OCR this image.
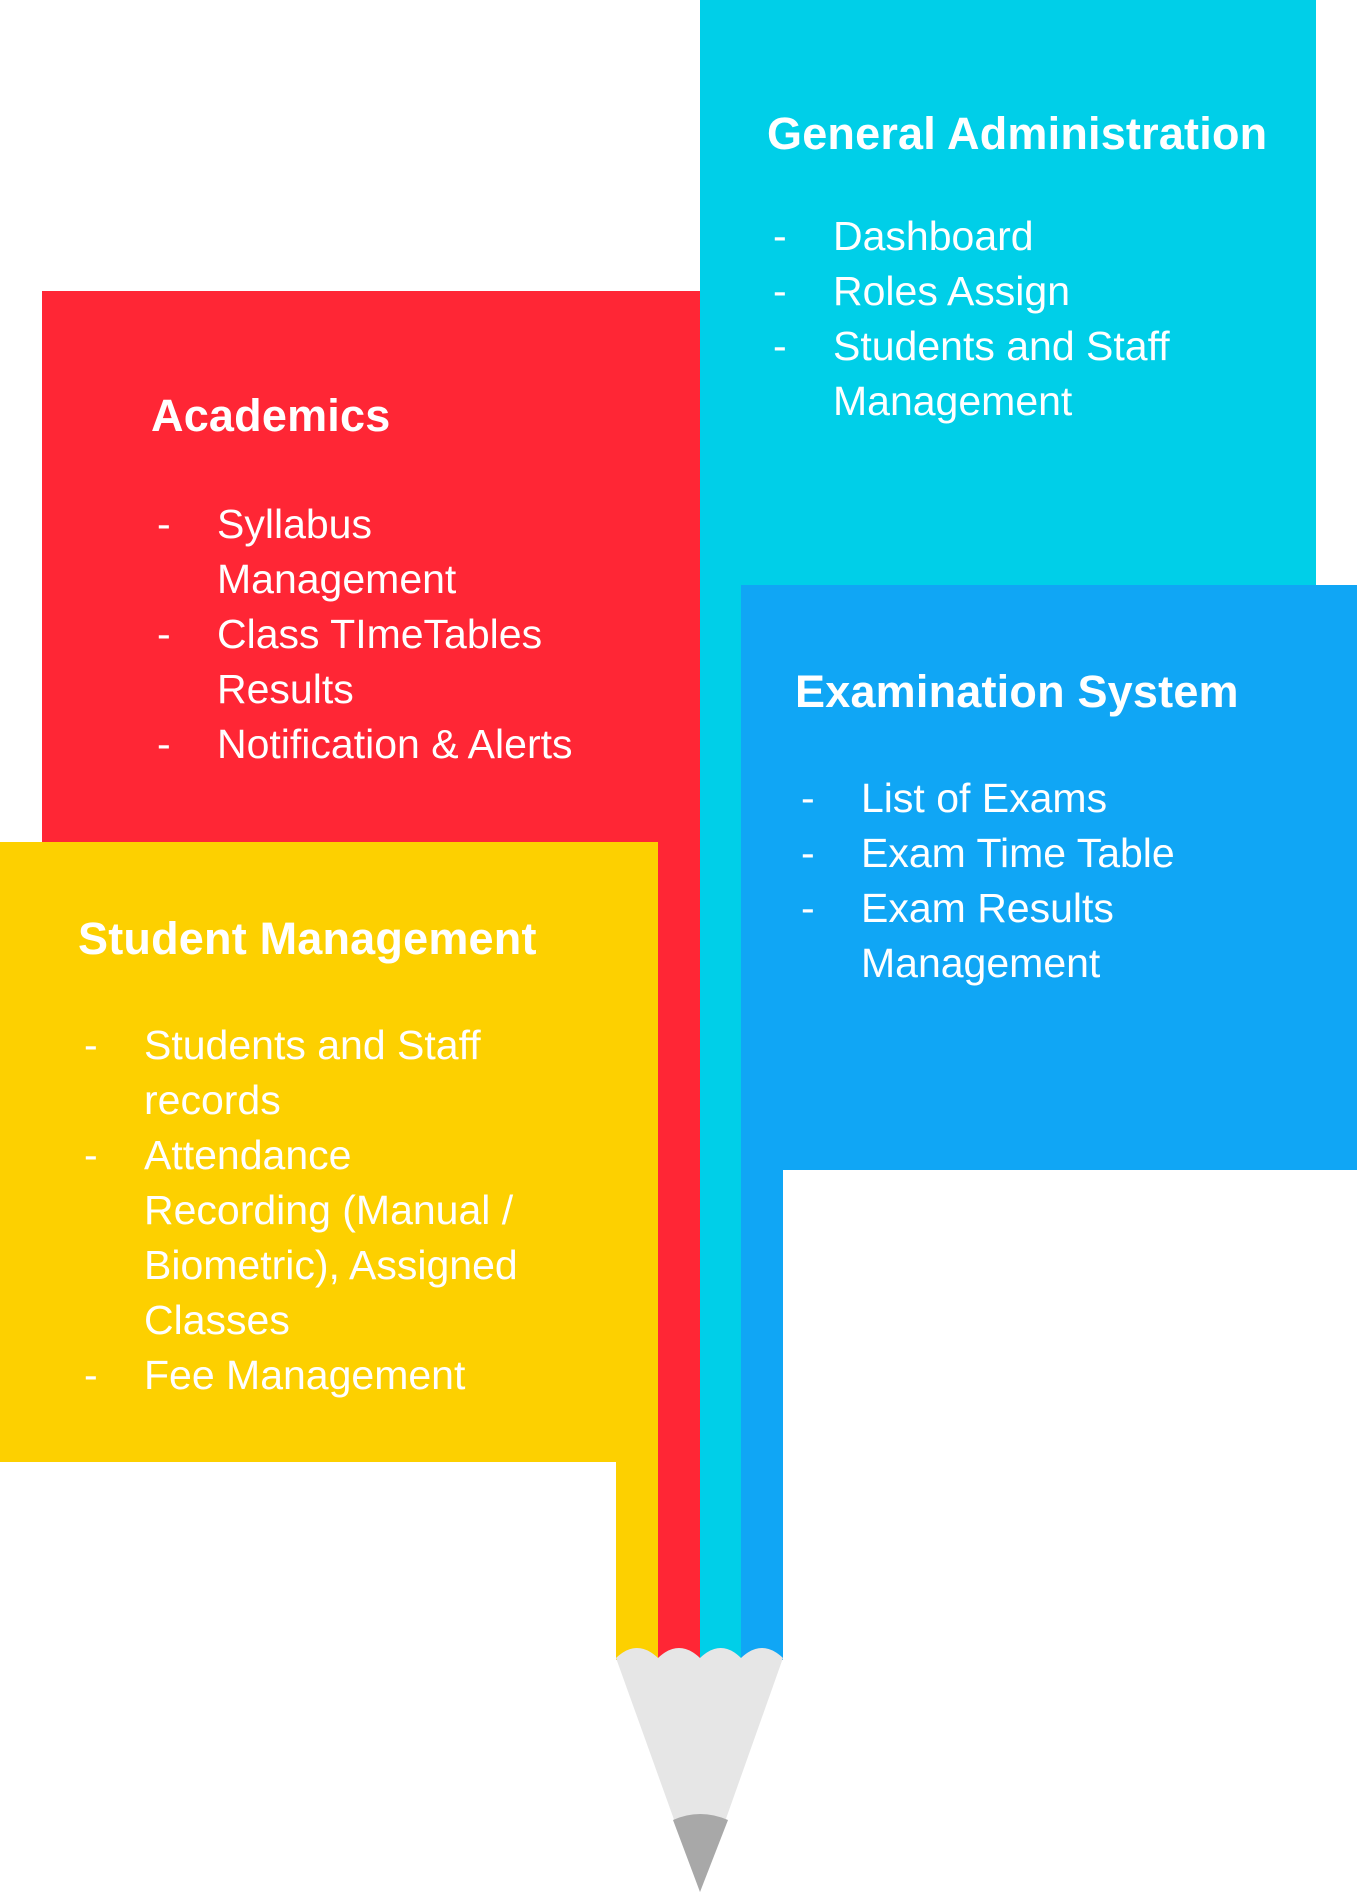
General Administration
- Dashboard
- Roles Assign
- Students and Staff
Management
Academics
- Syllabus
Management
- Class TImeTables
Results
- Notification & Alerts
Examination System
- List of Exams
- Exam Time Table
- Exam Results
Management
Student Management
- Students and Staff
records
- Attendance
Recording (Manual /
Biometric), Assigned
Classes
- Fee Management
